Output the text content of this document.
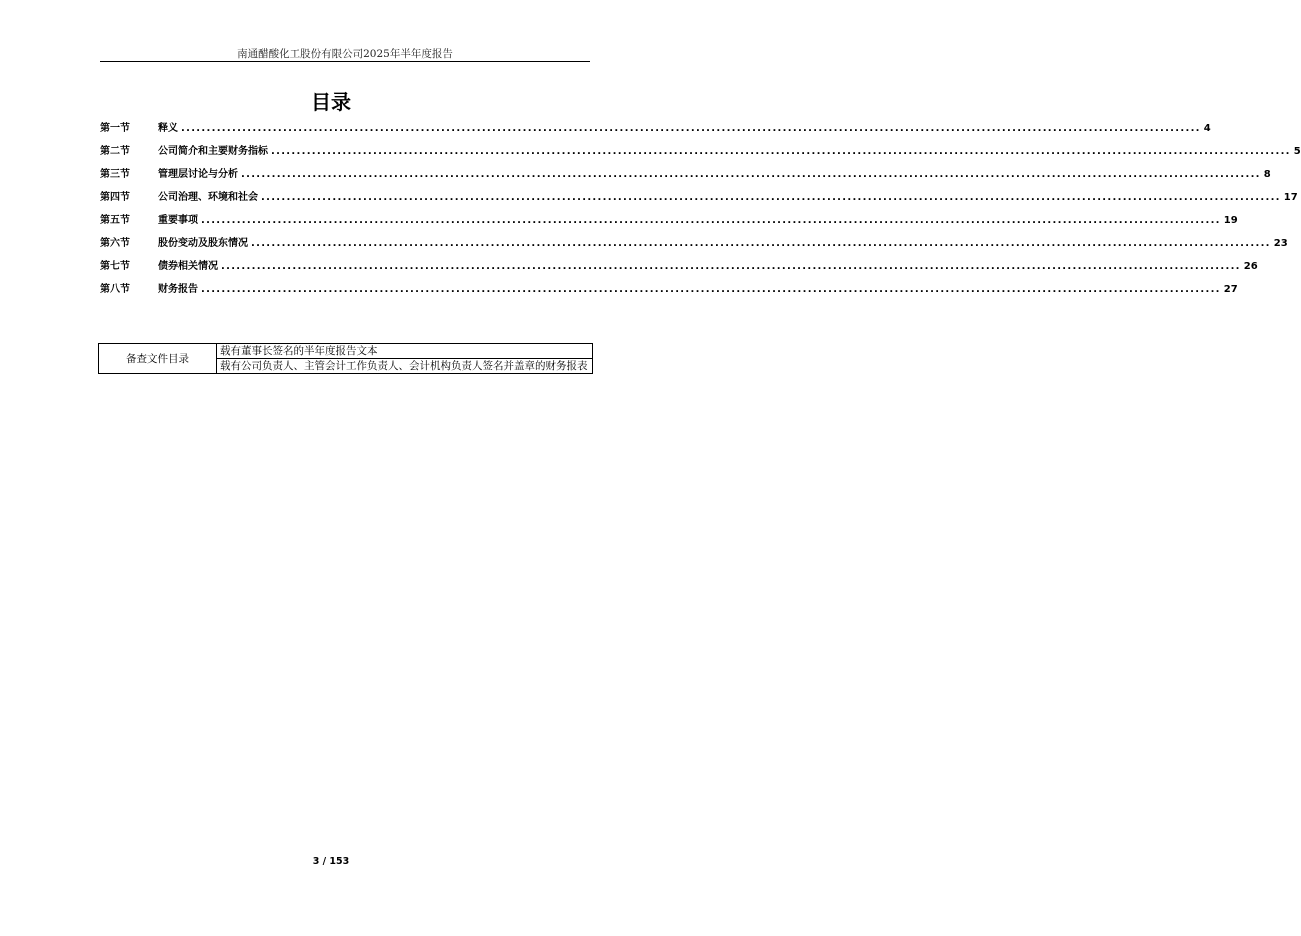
南通醋酸化工股份有限公司2025年半年度报告
目录
第一节	释义 ........................................................................................................................................................................................................ 4
第二节	公司简介和主要财务指标 ........................................................................................................................................................................................................ 5
第三节	管理层讨论与分析 ........................................................................................................................................................................................................ 8
第四节	公司治理、环境和社会 ........................................................................................................................................................................................................ 17
第五节	重要事项 ........................................................................................................................................................................................................ 19
第六节	股份变动及股东情况 ........................................................................................................................................................................................................ 23
第七节	债券相关情况 ........................................................................................................................................................................................................ 26
第八节	财务报告 ........................................................................................................................................................................................................ 27
备查文件目录	载有董事长签名的半年度报告文本
载有公司负责人、主管会计工作负责人、会计机构负责人签名并盖章的财务报表
3 / 153
